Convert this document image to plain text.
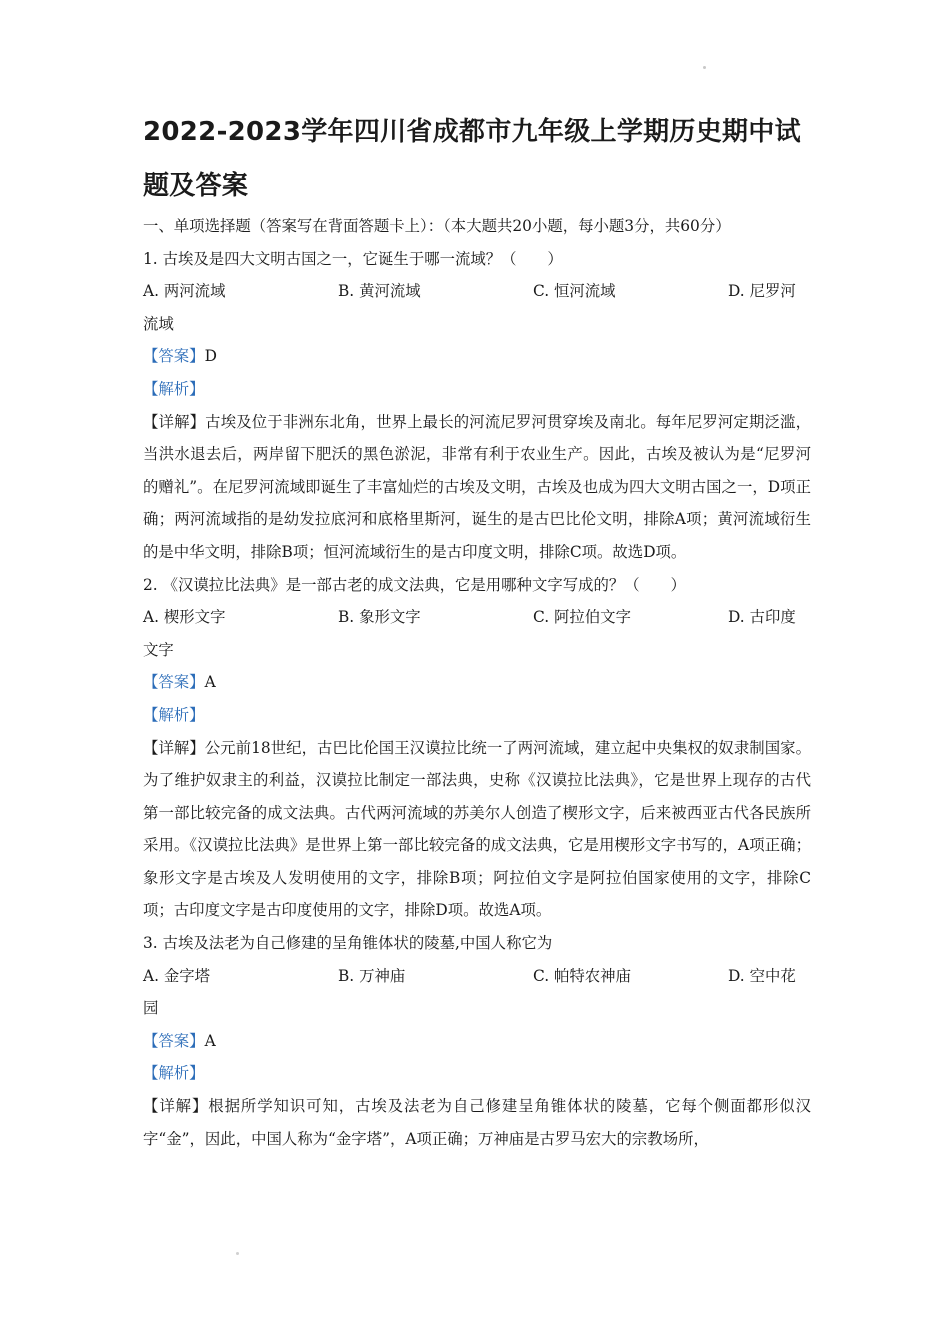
2022-2023学年四川省成都市九年级上学期历史期中试题及答案
一、单项选择题（答案写在背面答题卡上）：（本大题共20小题，每小题3分，共60分）
1. 古埃及是四大文明古国之一，它诞生于哪一流域？（　　）
A. 两河流域	B. 黄河流域	C. 恒河流域	D. 尼罗河
流域
【答案】D
【解析】
【详解】古埃及位于非洲东北角，世界上最长的河流尼罗河贯穿埃及南北。每年尼罗河定期泛滥，当洪水退去后，两岸留下肥沃的黑色淤泥，非常有利于农业生产。因此，古埃及被认为是“尼罗河的赠礼”。在尼罗河流域即诞生了丰富灿烂的古埃及文明，古埃及也成为四大文明古国之一，D项正确；两河流域指的是幼发拉底河和底格里斯河，诞生的是古巴比伦文明，排除A项；黄河流域衍生的是中华文明，排除B项；恒河流域衍生的是古印度文明，排除C项。故选D项。
2. 《汉谟拉比法典》是一部古老的成文法典，它是用哪种文字写成的？（　　）
A. 楔形文字	B. 象形文字	C. 阿拉伯文字	D. 古印度
文字
【答案】A
【解析】
【详解】公元前18世纪，古巴比伦国王汉谟拉比统一了两河流域，建立起中央集权的奴隶制国家。为了维护奴隶主的利益，汉谟拉比制定一部法典，史称《汉谟拉比法典》，它是世界上现存的古代第一部比较完备的成文法典。古代两河流域的苏美尔人创造了楔形文字，后来被西亚古代各民族所采用。《汉谟拉比法典》是世界上第一部比较完备的成文法典，它是用楔形文字书写的，A项正确；象形文字是古埃及人发明使用的文字，排除B项；阿拉伯文字是阿拉伯国家使用的文字，排除C项；古印度文字是古印度使用的文字，排除D项。故选A项。
3. 古埃及法老为自己修建的呈角锥体状的陵墓,中国人称它为
A. 金字塔	B. 万神庙	C. 帕特农神庙	D. 空中花
园
【答案】A
【解析】
【详解】根据所学知识可知，古埃及法老为自己修建呈角锥体状的陵墓，它每个侧面都形似汉字“金”，因此，中国人称为“金字塔”，A项正确；万神庙是古罗马宏大的宗教场所，
